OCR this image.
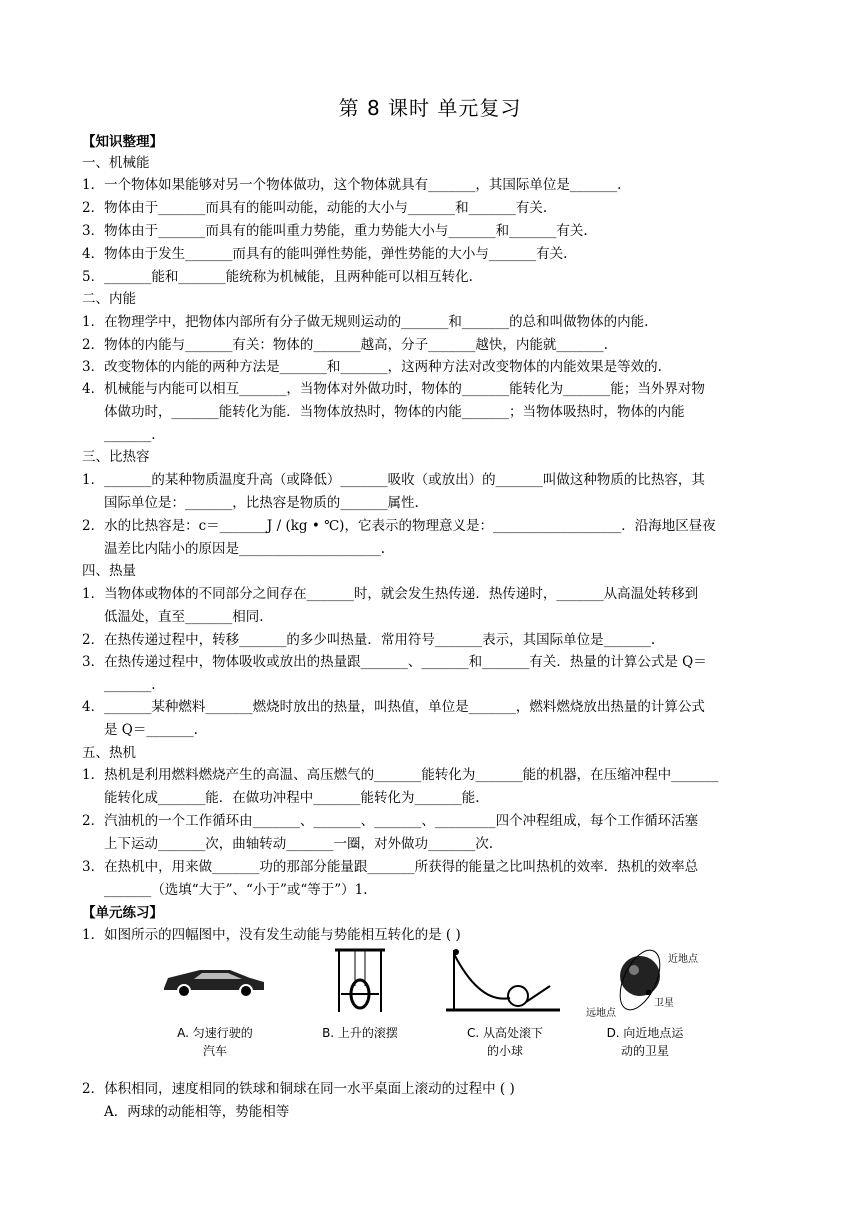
第 8 课时 单元复习
【知识整理】
一、机械能
1．一个物体如果能够对另一个物体做功，这个物体就具有_______，其国际单位是_______.
2．物体由于_______而具有的能叫动能，动能的大小与_______和_______有关.
3．物体由于_______而具有的能叫重力势能，重力势能大小与_______和_______有关.
4．物体由于发生_______而具有的能叫弹性势能，弹性势能的大小与_______有关.
5．_______能和_______能统称为机械能，且两种能可以相互转化.
二、内能
1．在物理学中，把物体内部所有分子做无规则运动的_______和_______的总和叫做物体的内能.
2．物体的内能与_______有关：物体的_______越高，分子_______越快，内能就_______.
3．改变物体的内能的两种方法是_______和_______，这两种方法对改变物体的内能效果是等效的.
4．机械能与内能可以相互_______，当物体对外做功时，物体的_______能转化为_______能；当外界对物
体做功时，_______能转化为能．当物体放热时，物体的内能_______；当物体吸热时，物体的内能
_______.
三、比热容
1．_______的某种物质温度升高（或降低）_______吸收（或放出）的_______叫做这种物质的比热容，其
国际单位是：_______，比热容是物质的_______属性.
2．水的比热容是：c＝_______J / (kg • ℃)，它表示的物理意义是：___________________．沿海地区昼夜
温差比内陆小的原因是_____________________.
四、热量
1．当物体或物体的不同部分之间存在_______时，就会发生热传递．热传递时，_______从高温处转移到
低温处，直至_______相同.
2．在热传递过程中，转移_______的多少叫热量．常用符号_______表示，其国际单位是_______.
3．在热传递过程中，物体吸收或放出的热量跟_______、_______和_______有关．热量的计算公式是 Q＝
_______.
4．_______某种燃料_______燃烧时放出的热量，叫热值，单位是_______，燃料燃烧放出热量的计算公式
是 Q＝_______.
五、热机
1．热机是利用燃料燃烧产生的高温、高压燃气的_______能转化为_______能的机器，在压缩冲程中_______
能转化成_______能．在做功冲程中_______能转化为_______能.
2．汽油机的一个工作循环由_______、_______、_______、_________四个冲程组成，每个工作循环活塞
上下运动_______次，曲轴转动_______一圈，对外做功_______次.
3．在热机中，用来做_______功的那部分能量跟_______所获得的能量之比叫热机的效率．热机的效率总
_______（选填“大于”、“小于”或“等于”）1.
【单元练习】
1．如图所示的四幅图中，没有发生动能与势能相互转化的是 ( )
A. 匀速行驶的
汽车
B. 上升的滚摆	C. 从高处滚下
的小球
近地点
卫星
远地点
D. 向近地点运
动的卫星
2．体积相同，速度相同的铁球和铜球在同一水平桌面上滚动的过程中 ( )
A．两球的动能相等，势能相等
